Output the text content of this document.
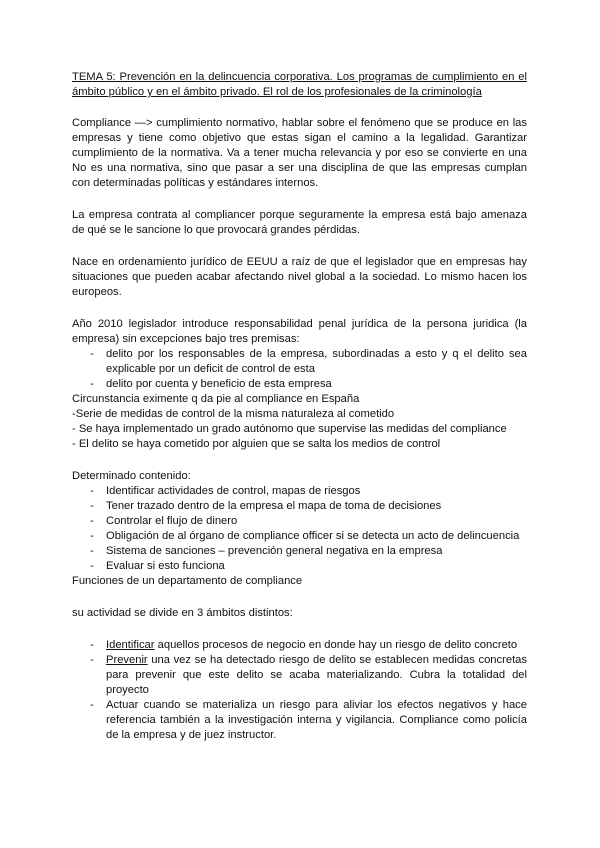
TEMA 5: Prevención en la delincuencia corporativa. Los programas de cumplimiento en el ámbito público y en el ámbito privado. El rol de los profesionales de la criminología

Compliance —> cumplimiento normativo, hablar sobre el fenómeno que se produce en las empresas y tiene como objetivo que estas sigan el camino a la legalidad. Garantizar cumplimiento de la normativa. Va a tener mucha relevancia y por eso se convierte en una No es una normativa, sino que pasar a ser una disciplina de que las empresas cumplan con determinadas políticas y estándares internos.

La empresa contrata al compliancer porque seguramente la empresa está bajo amenaza de qué se le sancione lo que provocará grandes pérdidas.

Nace en ordenamiento jurídico de EEUU a raíz de que el legislador que en empresas hay situaciones que pueden acabar afectando nivel global a la sociedad. Lo mismo hacen los europeos.

Año 2010 legislador introduce responsabilidad penal jurídica de la persona juridica (la empresa) sin excepciones bajo tres premisas:

- delito por los responsables de la empresa, subordinadas a esto y q el delito sea explicable por un deficit de control de esta
- delito por cuenta y beneficio de esta empresa

Circunstancia eximente q da pie al compliance en España

-Serie de medidas de control de la misma naturaleza al cometido

- Se haya implementado un grado autónomo que supervise las medidas del compliance

- El delito se haya cometido por alguien que se salta los medios de control

Determinado contenido:

- Identificar actividades de control, mapas de riesgos
- Tener trazado dentro de la empresa el mapa de toma de decisiones
- Controlar el flujo de dinero
- Obligación de al órgano de compliance officer si se detecta un acto de delincuencia
- Sistema de sanciones – prevención general negativa en la empresa
- Evaluar si esto funciona

Funciones de un departamento de compliance

su actividad se divide en 3 ámbitos distintos:

- Identificar aquellos procesos de negocio en donde hay un riesgo de delito concreto
- Prevenir una vez se ha detectado riesgo de delito se establecen medidas concretas para prevenir que este delito se acaba materializando. Cubra la totalidad del proyecto
- Actuar cuando se materializa un riesgo para aliviar los efectos negativos y hace referencia también a la investigación interna y vigilancia. Compliance como policía de la empresa y de juez instructor.
